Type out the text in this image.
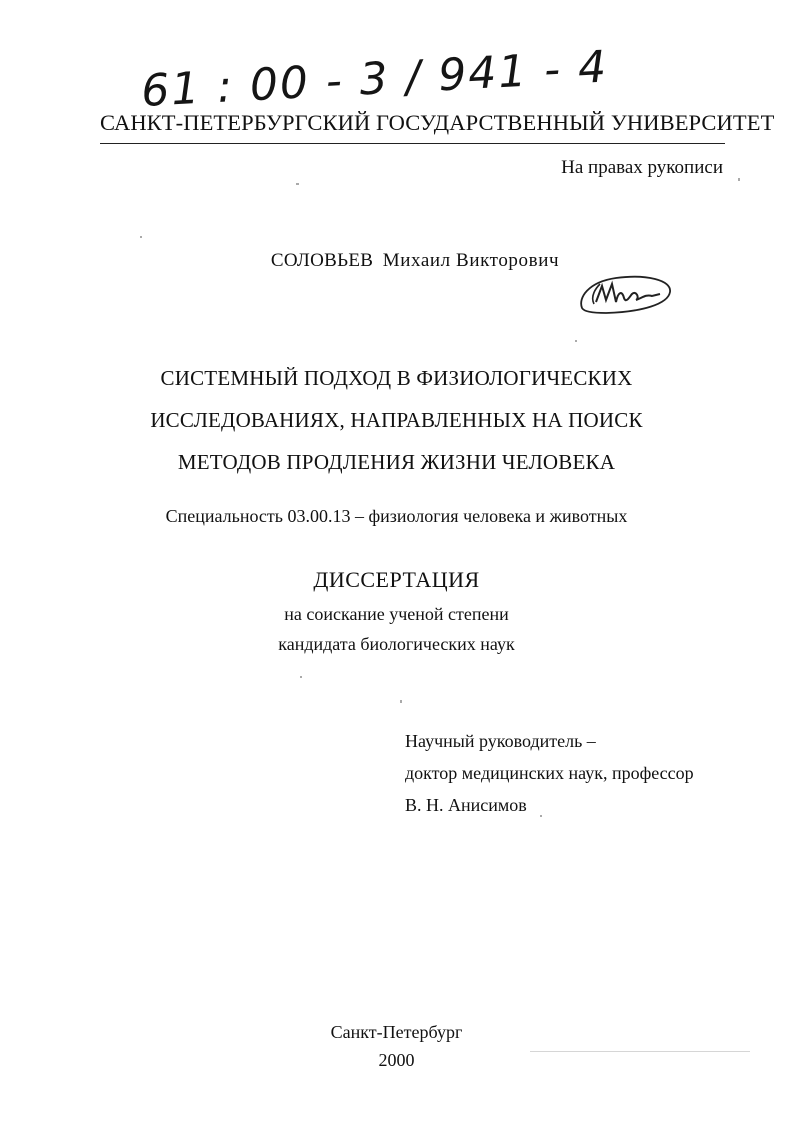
61 : 00 - 3 / 941 - 4
САНКТ-ПЕТЕРБУРГСКИЙ ГОСУДАРСТВЕННЫЙ УНИВЕРСИТЕТ
На правах рукописи
СОЛОВЬЕВ Михаил Викторович
СИСТЕМНЫЙ ПОДХОД В ФИЗИОЛОГИЧЕСКИХ
ИССЛЕДОВАНИЯХ, НАПРАВЛЕННЫХ НА ПОИСК
МЕТОДОВ ПРОДЛЕНИЯ ЖИЗНИ ЧЕЛОВЕКА
Специальность 03.00.13 – физиология человека и животных
ДИССЕРТАЦИЯ
на соискание ученой степени
кандидата биологических наук
Научный руководитель –
доктор медицинских наук, профессор
В. Н. Анисимов
Санкт-Петербург
2000
